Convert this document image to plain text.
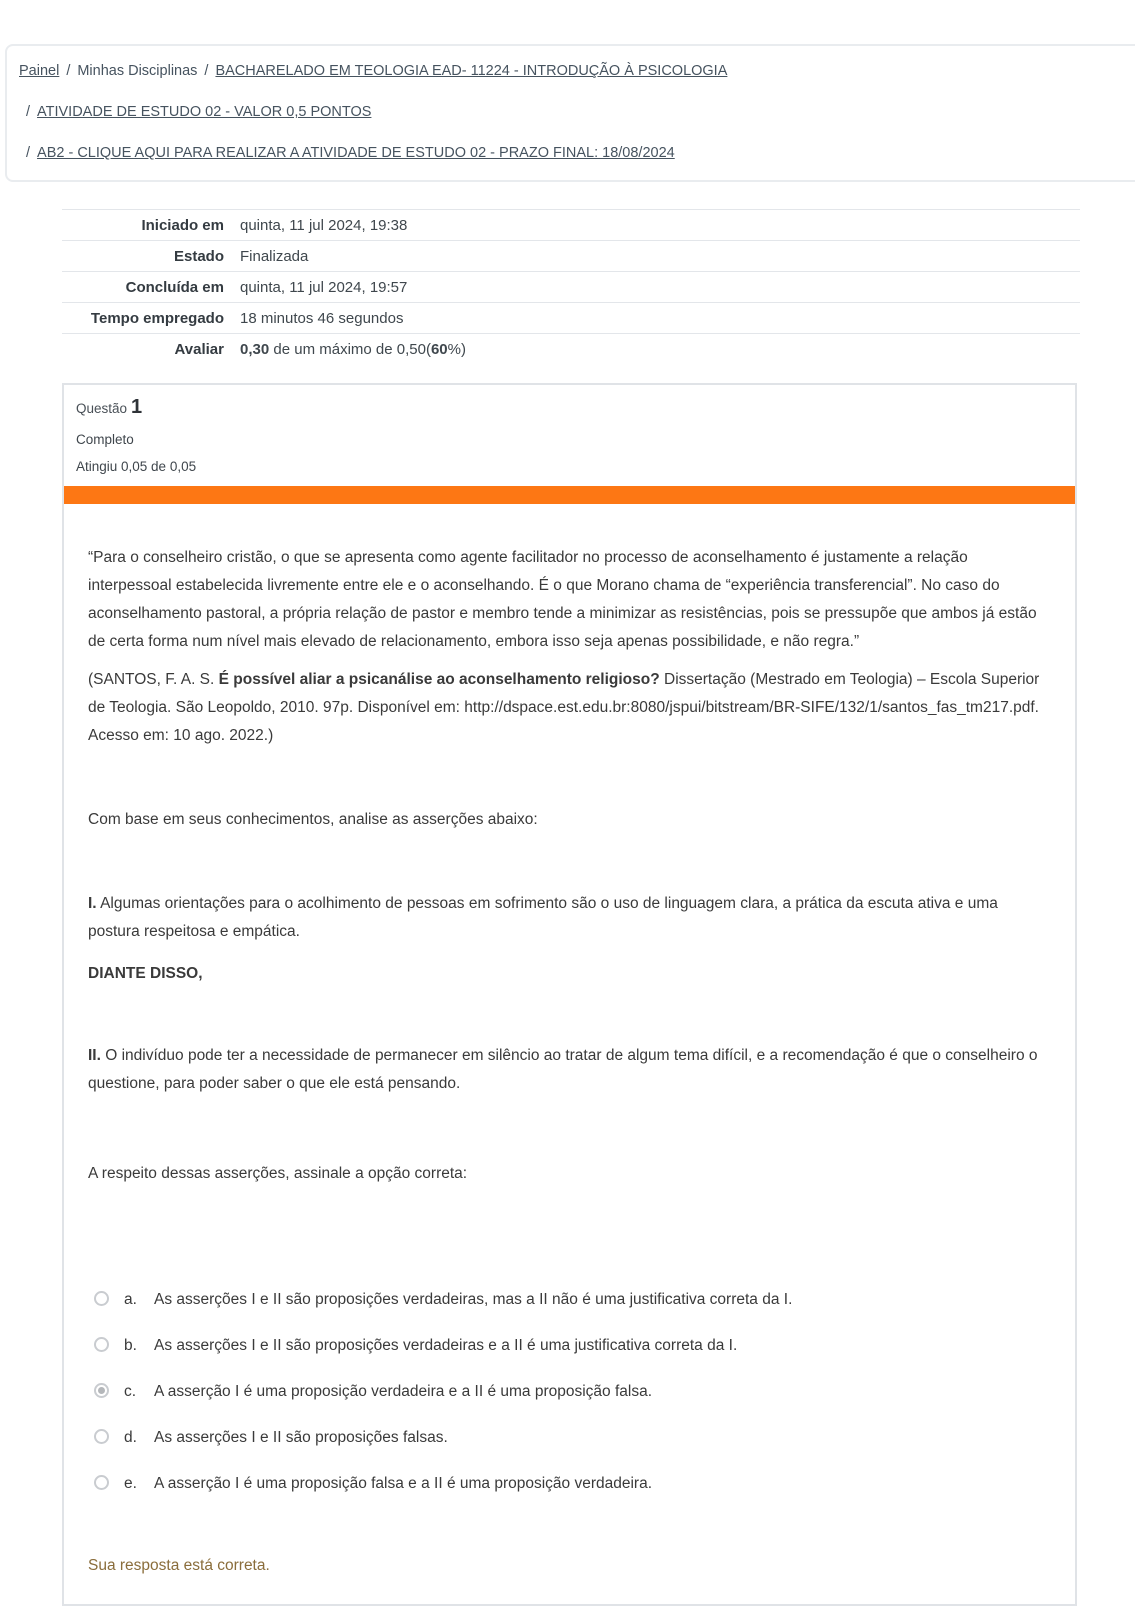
Painel / Minhas Disciplinas / BACHARELADO EM TEOLOGIA EAD- 11224 - INTRODUÇÃO À PSICOLOGIA
/ ATIVIDADE DE ESTUDO 02 - VALOR 0,5 PONTOS
/ AB2 - CLIQUE AQUI PARA REALIZAR A ATIVIDADE DE ESTUDO 02 - PRAZO FINAL: 18/08/2024
Iniciado em	quinta, 11 jul 2024, 19:38
Estado	Finalizada
Concluída em	quinta, 11 jul 2024, 19:57
Tempo empregado	18 minutos 46 segundos
Avaliar	0,30 de um máximo de 0,50(60%)
Questão 1
Completo
Atingiu 0,05 de 0,05

“Para o conselheiro cristão, o que se apresenta como agente facilitador no processo de aconselhamento é justamente a relação interpessoal estabelecida livremente entre ele e o aconselhando. É o que Morano chama de “experiência transferencial”. No caso do aconselhamento pastoral, a própria relação de pastor e membro tende a minimizar as resistências, pois se pressupõe que ambos já estão de certa forma num nível mais elevado de relacionamento, embora isso seja apenas possibilidade, e não regra.”

(SANTOS, F. A. S. É possível aliar a psicanálise ao aconselhamento religioso? Dissertação (Mestrado em Teologia) – Escola Superior de Teologia. São Leopoldo, 2010. 97p. Disponível em: http://dspace.est.edu.br:8080/jspui/bitstream/BR-SIFE/132/1/santos_fas_tm217.pdf. Acesso em: 10 ago. 2022.)

Com base em seus conhecimentos, analise as asserções abaixo:

I. Algumas orientações para o acolhimento de pessoas em sofrimento são o uso de linguagem clara, a prática da escuta ativa e uma postura respeitosa e empática.

DIANTE DISSO,

II. O indivíduo pode ter a necessidade de permanecer em silêncio ao tratar de algum tema difícil, e a recomendação é que o conselheiro o questione, para poder saber o que ele está pensando.

A respeito dessas asserções, assinale a opção correta:

a.	As asserções I e II são proposições verdadeiras, mas a II não é uma justificativa correta da I.
b.	As asserções I e II são proposições verdadeiras e a II é uma justificativa correta da I.
c.	A asserção I é uma proposição verdadeira e a II é uma proposição falsa.
d.	As asserções I e II são proposições falsas.
e.	A asserção I é uma proposição falsa e a II é uma proposição verdadeira.

Sua resposta está correta.
